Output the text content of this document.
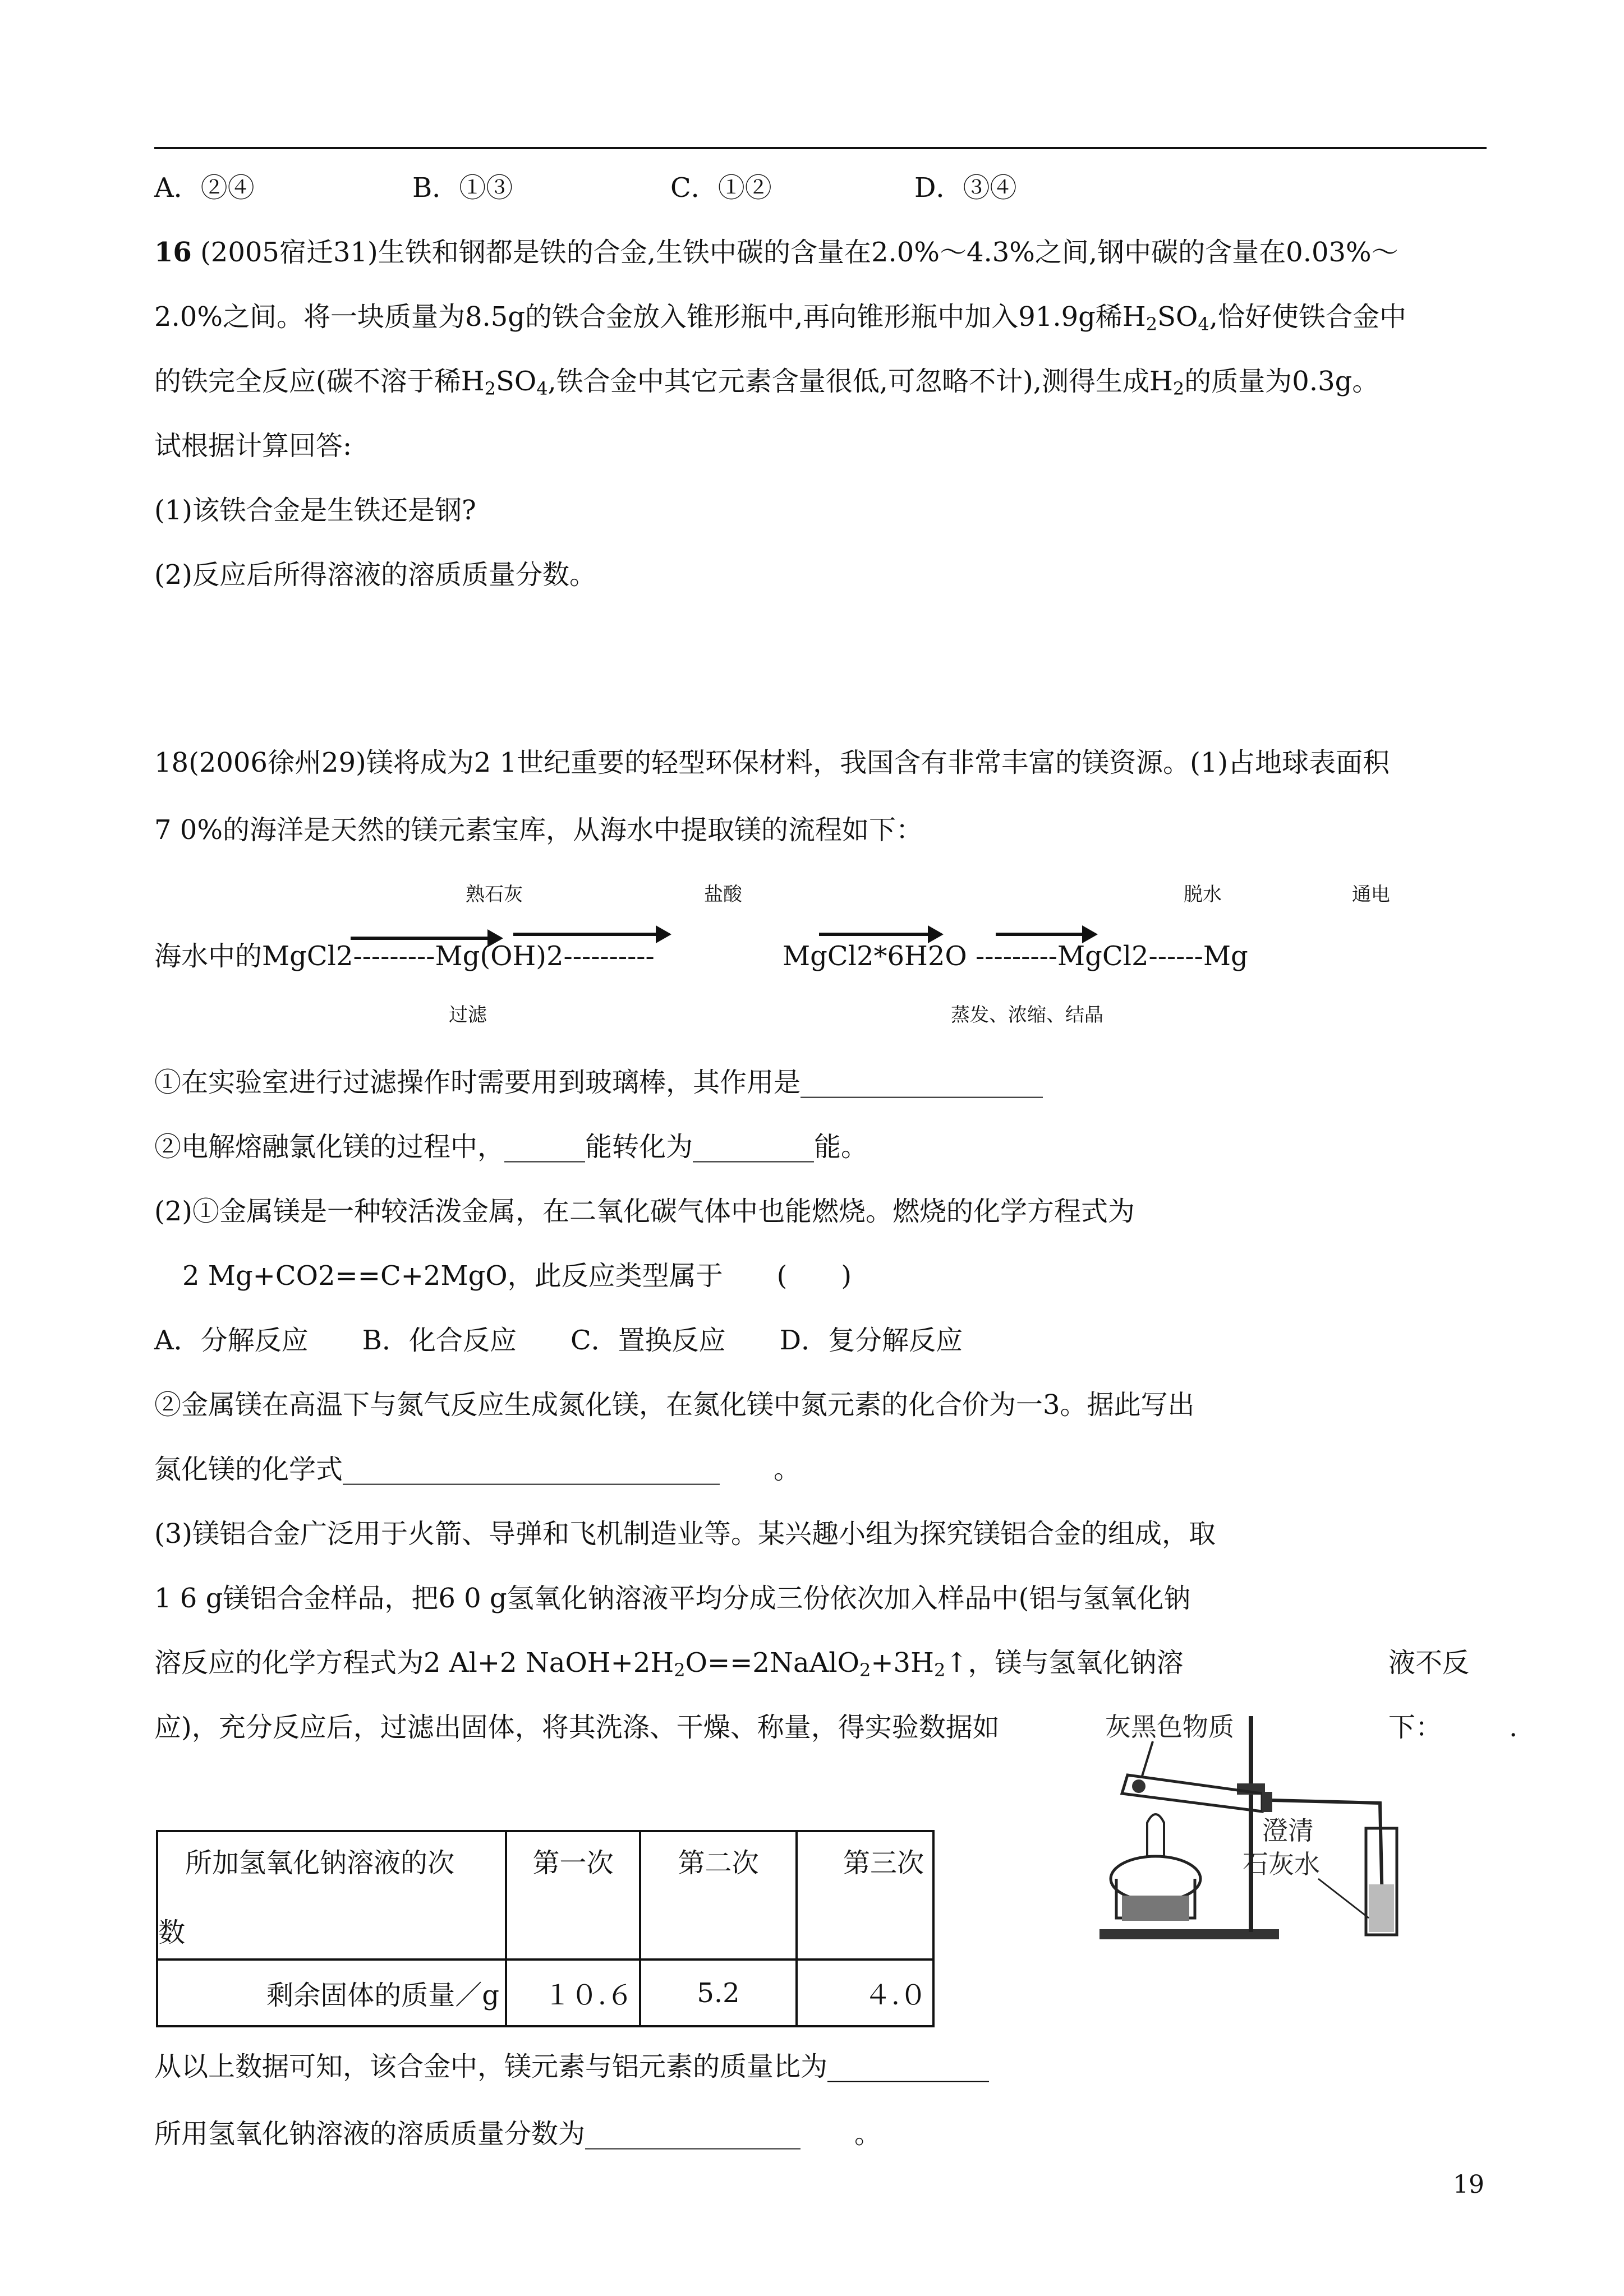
A．②④	B．①③	C．①②	D．③④
16 (2005宿迁31)生铁和钢都是铁的合金,生铁中碳的含量在2.0%～4.3%之间,钢中碳的含量在0.03%～
2.0%之间。将一块质量为8.5g的铁合金放入锥形瓶中,再向锥形瓶中加入91.9g稀$H_2SO_4$,恰好使铁合金中
的铁完全反应(碳不溶于稀$H_2SO_4$,铁合金中其它元素含量很低,可忽略不计),测得生成$H_2$的质量为0.3g。
试根据计算回答:
(1)该铁合金是生铁还是钢?
(2)反应后所得溶液的溶质质量分数。
18(2006徐州29)镁将成为2 1世纪重要的轻型环保材料，我国含有非常丰富的镁资源。(1)占地球表面积
7 0%的海洋是天然的镁元素宝库，从海水中提取镁的流程如下：
熟石灰	盐酸	脱水	通电
海水中的MgCl2---------Mg(OH)2----------	MgCl2*6H2O ---------MgCl2------Mg
过滤	蒸发、浓缩、结晶
①在实验室进行过滤操作时需要用到玻璃棒，其作用是__________________
②电解熔融氯化镁的过程中，______能转化为_________能。
(2)①金属镁是一种较活泼金属，在二氧化碳气体中也能燃烧。燃烧的化学方程式为
2 Mg+CO2==C+2MgO，此反应类型属于　　(　　)
A．分解反应　　B．化合反应　　C．置换反应　　D．复分解反应
②金属镁在高温下与氮气反应生成氮化镁，在氮化镁中氮元素的化合价为一3。据此写出
氮化镁的化学式____________________________　　。
(3)镁铝合金广泛用于火箭、导弹和飞机制造业等。某兴趣小组为探究镁铝合金的组成，取
1 6 g镁铝合金样品，把6 0 g氢氧化钠溶液平均分成三份依次加入样品中(铝与氢氧化钠
溶反应的化学方程式为2 Al+2 $NaOH+2H_2O==2NaAlO_2+3H_2↑$，镁与氢氧化钠溶	液不反
应)，充分反应后，过滤出固体，将其洗涤、干燥、称量，得实验数据如	下： .
灰黑色物质
澄清
石灰水
所加氢氧化钠溶液的次
数	第一次	第二次	第三次

剩余固体的质量／g	１０.６	5.2	４.０
从以上数据可知，该合金中，镁元素与铝元素的质量比为____________
所用氢氧化钠溶液的溶质质量分数为________________　　。
19
